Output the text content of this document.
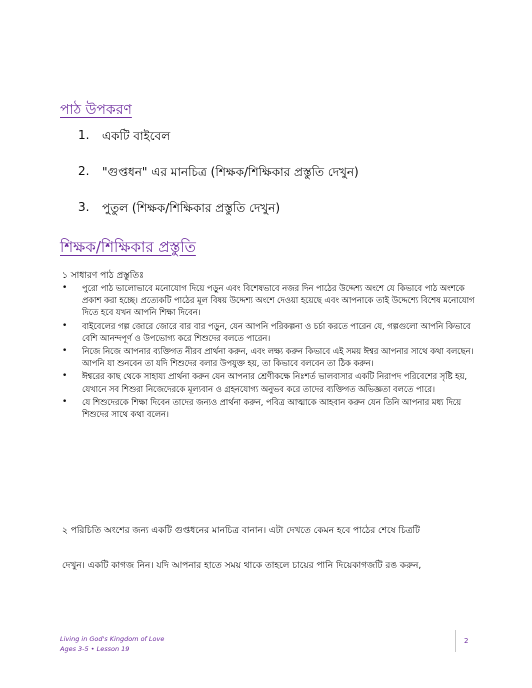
পাঠ উপকরণ
1.	একটি বাইবেল
2.	"গুপ্তধন" এর মানচিত্র (শিক্ষক/শিক্ষিকার প্রস্তুতি দেখুন)
3.	পুতুল (শিক্ষক/শিক্ষিকার প্রস্তুতি দেখুন)
শিক্ষক/শিক্ষিকার প্রস্তুতি
১ সাধারণ পাঠ প্রস্তুতিঃ
•	পুরো পাঠ ভালোভাবে মনোযোগ দিয়ে পড়ুন এবং বিশেষভাবে নজর দিন পাঠের উদ্দেশ্য অংশে যে কিভাবে পাঠ অংশকে প্রকাশ করা হচ্ছে। প্রত্যেকটি পাঠের মূল বিষয় উদ্দেশ্য অংশে দেওয়া হয়েছে এবং আপনাকে তাই উদ্দেশ্যে বিশেষ মনোযোগ দিতে হবে যখন আপনি শিক্ষা দিবেন।
•	বাইবেলের গল্প জোরে জোরে বার বার পড়ুন, যেন আপনি পরিকল্পনা ও চর্চা করতে পারেন যে, গল্পগুলো আপনি কিভাবে বেশি আনন্দপূর্ণ ও উপভোগ্য করে শিশুদের বলতে পারেন।
•	নিজে নিজে আপনার ব্যক্তিগত নীরব প্রার্থনা করুন, এবং লক্ষ্য করুন কিভাবে এই সময় ঈশ্বর আপনার সাথে কথা বলছেন। আপনি যা শুনবেন তা যদি শিশুদের বলার উপযুক্ত হয়, তা কিভাবে বলবেন তা ঠিক করুন।
•	ঈশ্বরের কাছ থেকে সাহায্য প্রার্থনা করুন যেন আপনার শ্রেণীকক্ষে নিঃশর্ত ভালবাসার একটি নিরাপদ পরিবেশের সৃষ্টি হয়, যেখানে সব শিশুরা নিজেদেরকে মূল্যবান ও গ্রহনযোগ্য অনুভব করে তাদের ব্যক্তিগত অভিজ্ঞতা বলতে পারে।
•	যে শিশুদেরকে শিক্ষা দিবেন তাদের জন্যও প্রার্থনা করুন, পবিত্র আত্মাকে আহবান করুন যেন তিনি আপনার মধ্য দিয়ে শিশুদের সাথে কথা বলেন।
২ পরিচিতি অংশের জন্য একটি গুপ্তধনের মানচিত্র বানান। এটা দেখতে কেমন হবে পাঠের শেষে চিত্রটি
দেখুন। একটি কাগজ নিন। যদি আপনার হাতে সময় থাকে তাহলে চায়ের পানি দিয়েকাগজটি রঙ করুন,
Living in God's Kingdom of Love
Ages 3-5 • Lesson 19
2
